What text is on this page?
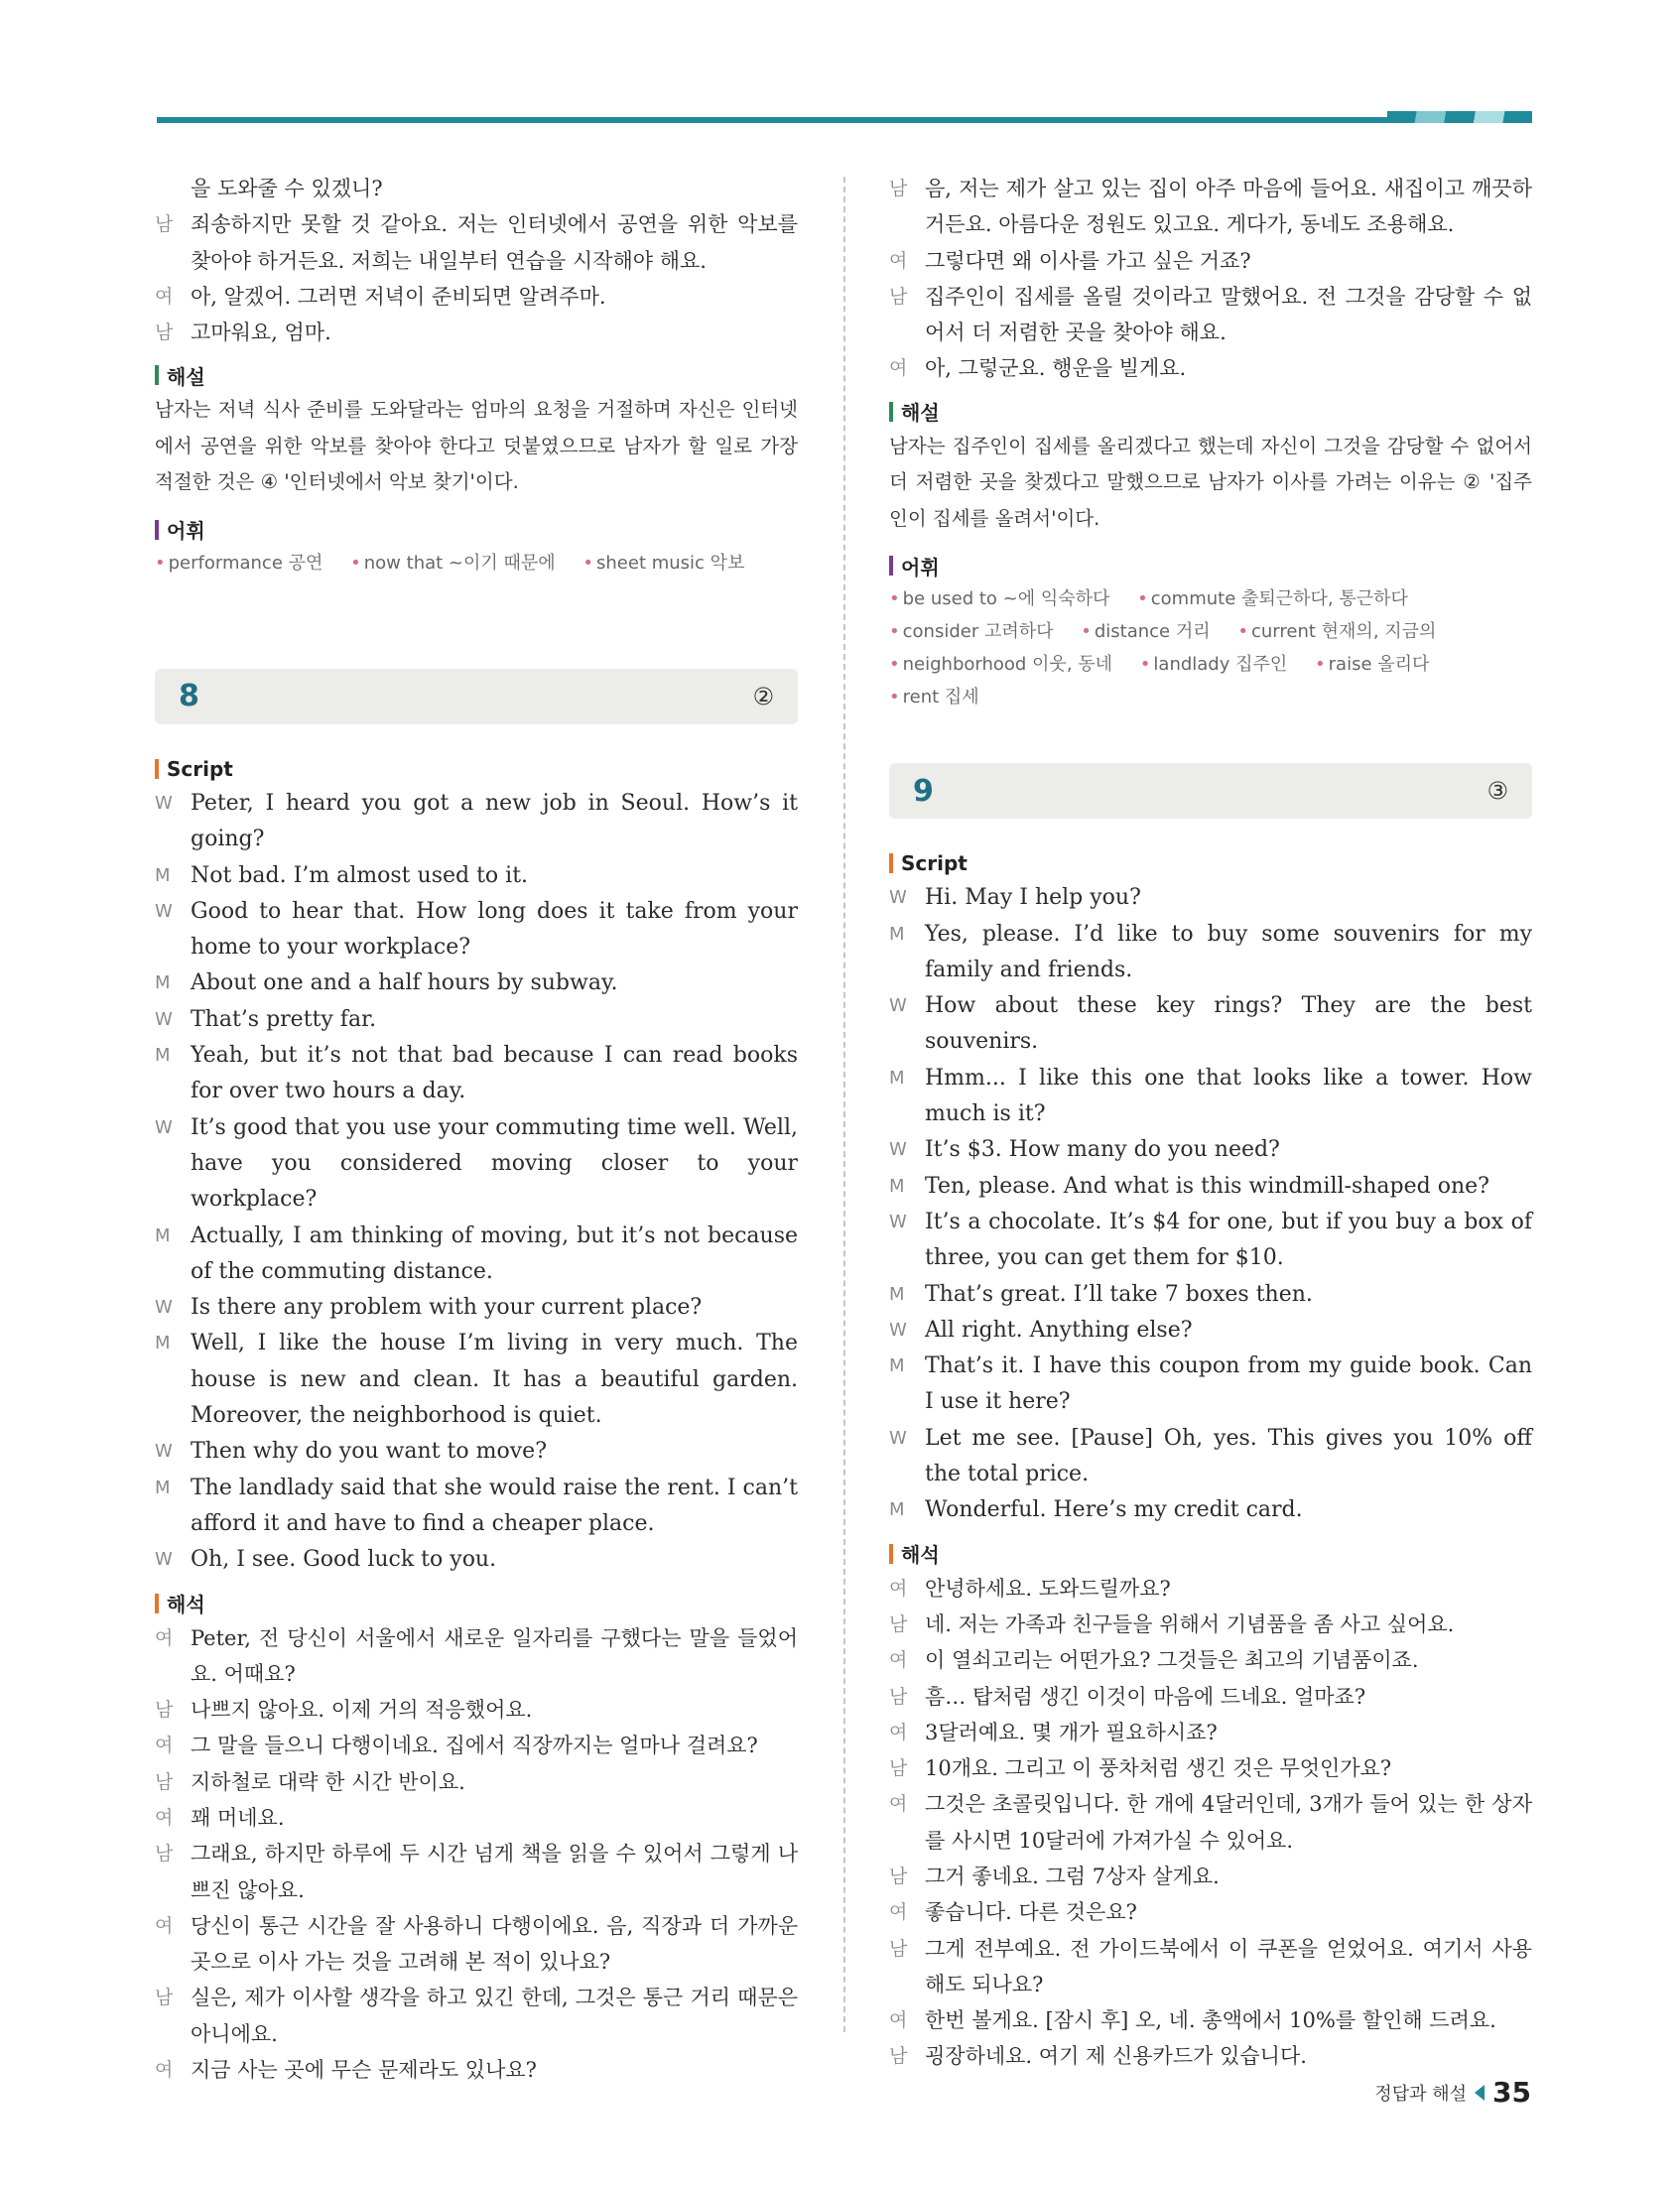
을 도와줄 수 있겠니?
남 죄송하지만 못할 것 같아요. 저는 인터넷에서 공연을 위한 악보를 찾아야 하거든요. 저희는 내일부터 연습을 시작해야 해요.
여 아, 알겠어. 그러면 저녁이 준비되면 알려주마.
남 고마워요, 엄마.
해설
남자는 저녁 식사 준비를 도와달라는 엄마의 요청을 거절하며 자신은 인터넷에서 공연을 위한 악보를 찾아야 한다고 덧붙였으므로 남자가 할 일로 가장 적절한 것은 ④ '인터넷에서 악보 찾기'이다.
어휘
• performance 공연 • now that ~이기 때문에 • sheet music 악보
8	②
Script
W Peter, I heard you got a new job in Seoul. How’s it going?
M Not bad. I’m almost used to it.
W Good to hear that. How long does it take from your home to your workplace?
M About one and a half hours by subway.
W That’s pretty far.
M Yeah, but it’s not that bad because I can read books for over two hours a day.
W It’s good that you use your commuting time well. Well, have you considered moving closer to your workplace?
M Actually, I am thinking of moving, but it’s not because of the commuting distance.
W Is there any problem with your current place?
M Well, I like the house I’m living in very much. The house is new and clean. It has a beautiful garden. Moreover, the neighborhood is quiet.
W Then why do you want to move?
M The landlady said that she would raise the rent. I can’t afford it and have to find a cheaper place.
W Oh, I see. Good luck to you.
해석
여 Peter, 전 당신이 서울에서 새로운 일자리를 구했다는 말을 들었어요. 어때요?
남 나쁘지 않아요. 이제 거의 적응했어요.
여 그 말을 들으니 다행이네요. 집에서 직장까지는 얼마나 걸려요?
남 지하철로 대략 한 시간 반이요.
여 꽤 머네요.
남 그래요, 하지만 하루에 두 시간 넘게 책을 읽을 수 있어서 그렇게 나쁘진 않아요.
여 당신이 통근 시간을 잘 사용하니 다행이에요. 음, 직장과 더 가까운 곳으로 이사 가는 것을 고려해 본 적이 있나요?
남 실은, 제가 이사할 생각을 하고 있긴 한데, 그것은 통근 거리 때문은 아니에요.
여 지금 사는 곳에 무슨 문제라도 있나요?
남 음, 저는 제가 살고 있는 집이 아주 마음에 들어요. 새집이고 깨끗하거든요. 아름다운 정원도 있고요. 게다가, 동네도 조용해요.
여 그렇다면 왜 이사를 가고 싶은 거죠?
남 집주인이 집세를 올릴 것이라고 말했어요. 전 그것을 감당할 수 없어서 더 저렴한 곳을 찾아야 해요.
여 아, 그렇군요. 행운을 빌게요.
해설
남자는 집주인이 집세를 올리겠다고 했는데 자신이 그것을 감당할 수 없어서 더 저렴한 곳을 찾겠다고 말했으므로 남자가 이사를 가려는 이유는 ② '집주인이 집세를 올려서'이다.
어휘
• be used to ~에 익숙하다 • commute 출퇴근하다, 통근하다 • consider 고려하다 • distance 거리 • current 현재의, 지금의 • neighborhood 이웃, 동네 • landlady 집주인 • raise 올리다 • rent 집세
9	③
Script
W Hi. May I help you?
M Yes, please. I’d like to buy some souvenirs for my family and friends.
W How about these key rings? They are the best souvenirs.
M Hmm... I like this one that looks like a tower. How much is it?
W It’s $3. How many do you need?
M Ten, please. And what is this windmill-shaped one?
W It’s a chocolate. It’s $4 for one, but if you buy a box of three, you can get them for $10.
M That’s great. I’ll take 7 boxes then.
W All right. Anything else?
M That’s it. I have this coupon from my guide book. Can I use it here?
W Let me see. [Pause] Oh, yes. This gives you 10% off the total price.
M Wonderful. Here’s my credit card.
해석
여 안녕하세요. 도와드릴까요?
남 네. 저는 가족과 친구들을 위해서 기념품을 좀 사고 싶어요.
여 이 열쇠고리는 어떤가요? 그것들은 최고의 기념품이죠.
남 흠… 탑처럼 생긴 이것이 마음에 드네요. 얼마죠?
여 3달러예요. 몇 개가 필요하시죠?
남 10개요. 그리고 이 풍차처럼 생긴 것은 무엇인가요?
여 그것은 초콜릿입니다. 한 개에 4달러인데, 3개가 들어 있는 한 상자를 사시면 10달러에 가져가실 수 있어요.
남 그거 좋네요. 그럼 7상자 살게요.
여 좋습니다. 다른 것은요?
남 그게 전부예요. 전 가이드북에서 이 쿠폰을 얻었어요. 여기서 사용해도 되나요?
여 한번 볼게요. [잠시 후] 오, 네. 총액에서 10%를 할인해 드려요.
남 굉장하네요. 여기 제 신용카드가 있습니다.
정답과 해설 35
